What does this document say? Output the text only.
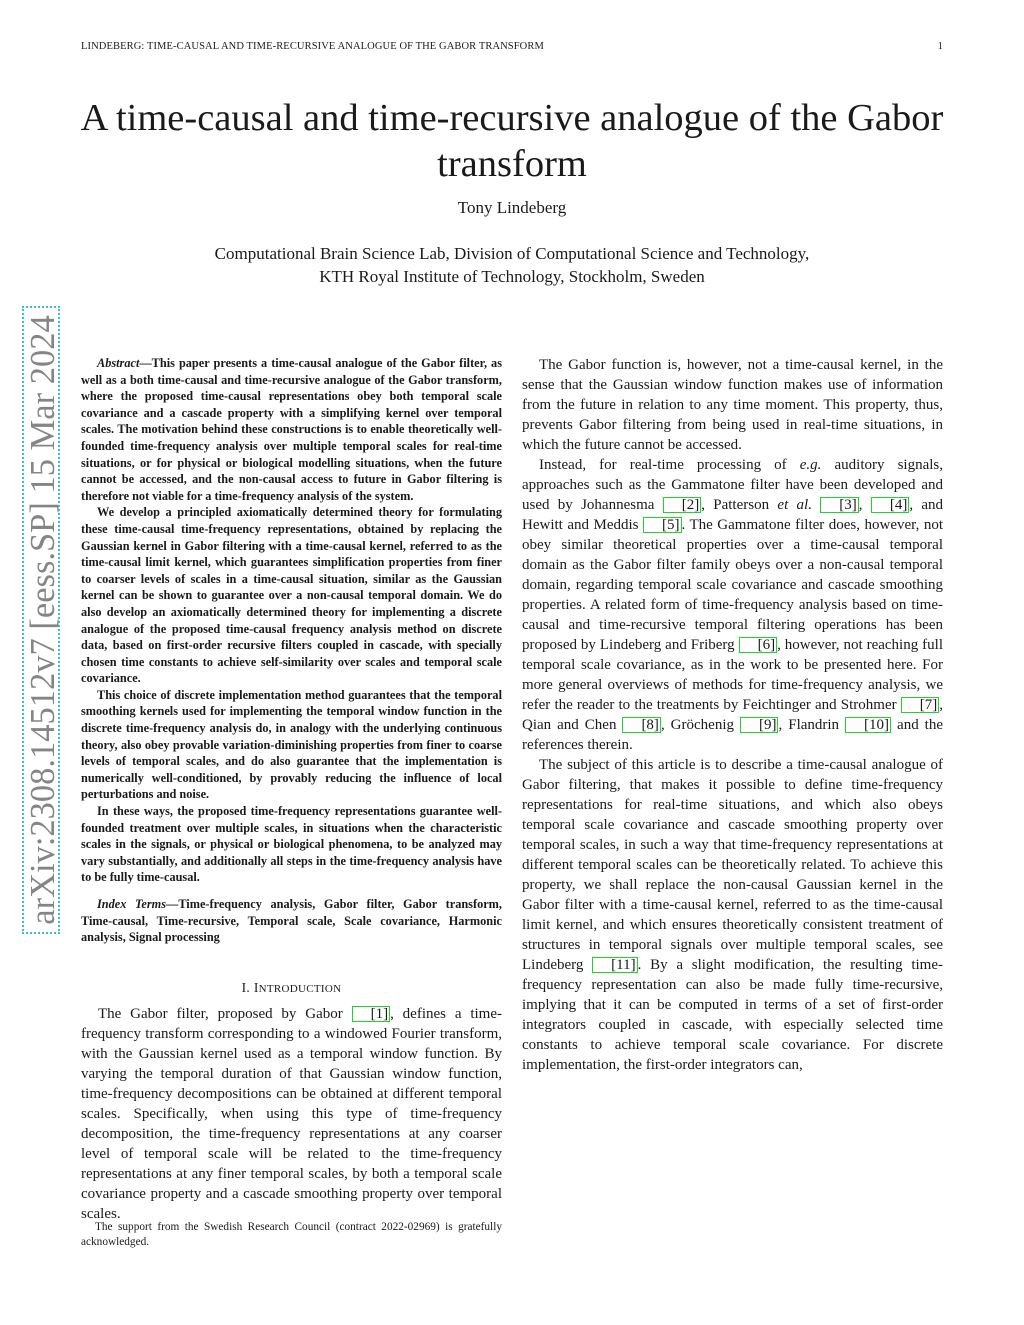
LINDEBERG: TIME-CAUSAL AND TIME-RECURSIVE ANALOGUE OF THE GABOR TRANSFORM	1
arXiv:2308.14512v7 [eess.SP] 15 Mar 2024
A time-causal and time-recursive analogue of the Gabor transform
Tony Lindeberg
Computational Brain Science Lab, Division of Computational Science and Technology,
KTH Royal Institute of Technology, Stockholm, Sweden

Abstract—This paper presents a time-causal analogue of the Gabor filter, as well as a both time-causal and time-recursive analogue of the Gabor transform, where the proposed time-causal representations obey both temporal scale covariance and a cascade property with a simplifying kernel over temporal scales. The motivation behind these constructions is to enable theoretically well-founded time-frequency analysis over multiple temporal scales for real-time situations, or for physical or biological modelling situations, when the future cannot be accessed, and the non-causal access to future in Gabor filtering is therefore not viable for a time-frequency analysis of the system.

We develop a principled axiomatically determined theory for formulating these time-causal time-frequency representations, obtained by replacing the Gaussian kernel in Gabor filtering with a time-causal kernel, referred to as the time-causal limit kernel, which guarantees simplification properties from finer to coarser levels of scales in a time-causal situation, similar as the Gaussian kernel can be shown to guarantee over a non-causal temporal domain. We do also develop an axiomatically determined theory for implementing a discrete analogue of the proposed time-causal frequency analysis method on discrete data, based on first-order recursive filters coupled in cascade, with specially chosen time constants to achieve self-similarity over scales and temporal scale covariance.

This choice of discrete implementation method guarantees that the temporal smoothing kernels used for implementing the temporal window function in the discrete time-frequency analysis do, in analogy with the underlying continuous theory, also obey provable variation-diminishing properties from finer to coarse levels of temporal scales, and do also guarantee that the implementation is numerically well-conditioned, by provably reducing the influence of local perturbations and noise.

In these ways, the proposed time-frequency representations guarantee well-founded treatment over multiple scales, in situations when the characteristic scales in the signals, or physical or biological phenomena, to be analyzed may vary substantially, and additionally all steps in the time-frequency analysis have to be fully time-causal.

Index Terms—Time-frequency analysis, Gabor filter, Gabor transform, Time-causal, Time-recursive, Temporal scale, Scale covariance, Harmonic analysis, Signal processing

I. INTRODUCTION

The Gabor filter, proposed by Gabor [1] , defines a time-frequency transform corresponding to a windowed Fourier transform, with the Gaussian kernel used as a temporal window function. By varying the temporal duration of that Gaussian window function, time-frequency decompositions can be obtained at different temporal scales. Specifically, when using this type of time-frequency decomposition, the time-frequency representations at any coarser level of temporal scale will be related to the time-frequency representations at any finer temporal scales, by both a temporal scale covariance property and a cascade smoothing property over temporal scales.

The Gabor function is, however, not a time-causal kernel, in the sense that the Gaussian window function makes use of information from the future in relation to any time moment. This property, thus, prevents Gabor filtering from being used in real-time situations, in which the future cannot be accessed.

Instead, for real-time processing of e.g. auditory signals, approaches such as the Gammatone filter have been developed and used by Johannesma [2] , Patterson et al. [3] , [4] , and Hewitt and Meddis [5] . The Gammatone filter does, however, not obey similar theoretical properties over a time-causal temporal domain as the Gabor filter family obeys over a non-causal temporal domain, regarding temporal scale covariance and cascade smoothing properties. A related form of time-frequency analysis based on time-causal and time-recursive temporal filtering operations has been proposed by Lindeberg and Friberg [6] , however, not reaching full temporal scale covariance, as in the work to be presented here. For more general overviews of methods for time-frequency analysis, we refer the reader to the treatments by Feichtinger and Strohmer [7] , Qian and Chen [8] , Gröchenig [9] , Flandrin [10] and the references therein.

The subject of this article is to describe a time-causal analogue of Gabor filtering, that makes it possible to define time-frequency representations for real-time situations, and which also obeys temporal scale covariance and cascade smoothing property over temporal scales, in such a way that time-frequency representations at different temporal scales can be theoretically related. To achieve this property, we shall replace the non-causal Gaussian kernel in the Gabor filter with a time-causal kernel, referred to as the time-causal limit kernel, and which ensures theoretically consistent treatment of structures in temporal signals over multiple temporal scales, see Lindeberg [11] . By a slight modification, the resulting time-frequency representation can also be made fully time-recursive, implying that it can be computed in terms of a set of first-order integrators coupled in cascade, with especially selected time constants to achieve temporal scale covariance. For discrete implementation, the first-order integrators can,

The support from the Swedish Research Council (contract 2022-02969) is gratefully acknowledged.
